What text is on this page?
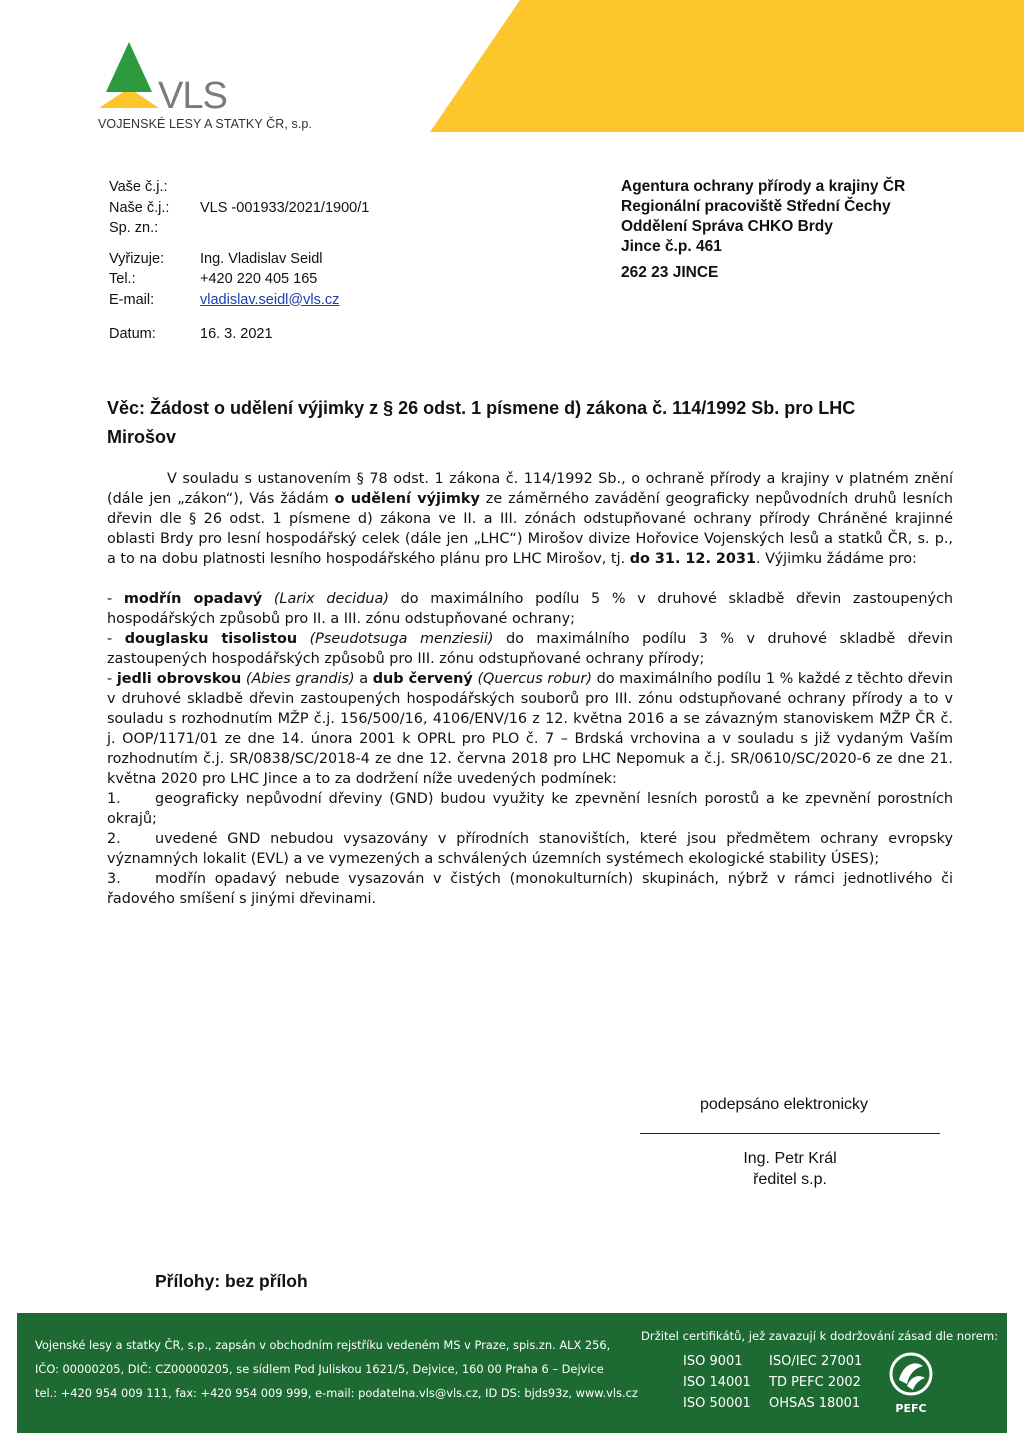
VLS
VOJENSKÉ LESY A STATKY ČR, s.p.
Vaše č.j.:
Naše č.j.:	VLS -001933/2021/1900/1
Sp. zn.:
Vyřizuje:	Ing. Vladislav Seidl
Tel.:	+420 220 405 165
E-mail:	vladislav.seidl@vls.cz
Datum:	16. 3. 2021
Agentura ochrany přírody a krajiny ČR
Regionální pracoviště Střední Čechy
Oddělení Správa CHKO Brdy
Jince č.p. 461
262 23 JINCE
Věc: Žádost o udělení výjimky z § 26 odst. 1 písmene d) zákona č. 114/1992 Sb. pro LHC Mirošov

V souladu s ustanovením § 78 odst. 1 zákona č. 114/1992 Sb., o ochraně přírody a krajiny v platném znění (dále jen „zákon“), Vás žádám o udělení výjimky ze záměrného zavádění geograficky nepůvodních druhů lesních dřevin dle § 26 odst. 1 písmene d) zákona ve II. a III. zónách odstupňované ochrany přírody Chráněné krajinné oblasti Brdy pro lesní hospodářský celek (dále jen „LHC“) Mirošov divize Hořovice Vojenských lesů a statků ČR, s. p., a to na dobu platnosti lesního hospodářského plánu pro LHC Mirošov, tj. do 31. 12. 2031. Výjimku žádáme pro:

- modřín opadavý (Larix decidua) do maximálního podílu 5 % v druhové skladbě dřevin zastoupených hospodářských způsobů pro II. a III. zónu odstupňované ochrany;

- douglasku tisolistou (Pseudotsuga menziesii) do maximálního podílu 3 % v druhové skladbě dřevin zastoupených hospodářských způsobů pro III. zónu odstupňované ochrany přírody;

- jedli obrovskou (Abies grandis) a dub červený (Quercus robur) do maximálního podílu 1 % každé z těchto dřevin v druhové skladbě dřevin zastoupených hospodářských souborů pro III. zónu odstupňované ochrany přírody a to v souladu s rozhodnutím MŽP č.j. 156/500/16, 4106/ENV/16 z 12. května 2016 a se závazným stanoviskem MŽP ČR č. j. OOP/1171/01 ze dne 14. února 2001 k OPRL pro PLO č. 7 – Brdská vrchovina a v souladu s již vydaným Vaším rozhodnutím č.j. SR/0838/SC/2018-4 ze dne 12. června 2018 pro LHC Nepomuk a č.j. SR/0610/SC/2020-6 ze dne 21. května 2020 pro LHC Jince a to za dodržení níže uvedených podmínek:

1. geograficky nepůvodní dřeviny (GND) budou využity ke zpevnění lesních porostů a ke zpevnění porostních okrajů;

2. uvedené GND nebudou vysazovány v přírodních stanovištích, které jsou předmětem ochrany evropsky významných lokalit (EVL) a ve vymezených a schválených územních systémech ekologické stability ÚSES);

3. modřín opadavý nebude vysazován v čistých (monokulturních) skupinách, nýbrž v rámci jednotlivého či řadového smíšení s jinými dřevinami.

podepsáno elektronicky
Ing. Petr Král
ředitel s.p.
Přílohy: bez příloh
Vojenské lesy a statky ČR, s.p., zapsán v obchodním rejstříku vedeném MS v Praze, spis.zn. ALX 256,
IČO: 00000205, DIČ: CZ00000205, se sídlem Pod Juliskou 1621/5, Dejvice, 160 00 Praha 6 – Dejvice
tel.: +420 954 009 111, fax: +420 954 009 999, e-mail: podatelna.vls@vls.cz, ID DS: bjds93z, www.vls.cz
Držitel certifikátů, jež zavazují k dodržování zásad dle norem:
ISO 9001	ISO/IEC 27001
ISO 14001	TD PEFC 2002
ISO 50001	OHSAS 18001	PEFC
